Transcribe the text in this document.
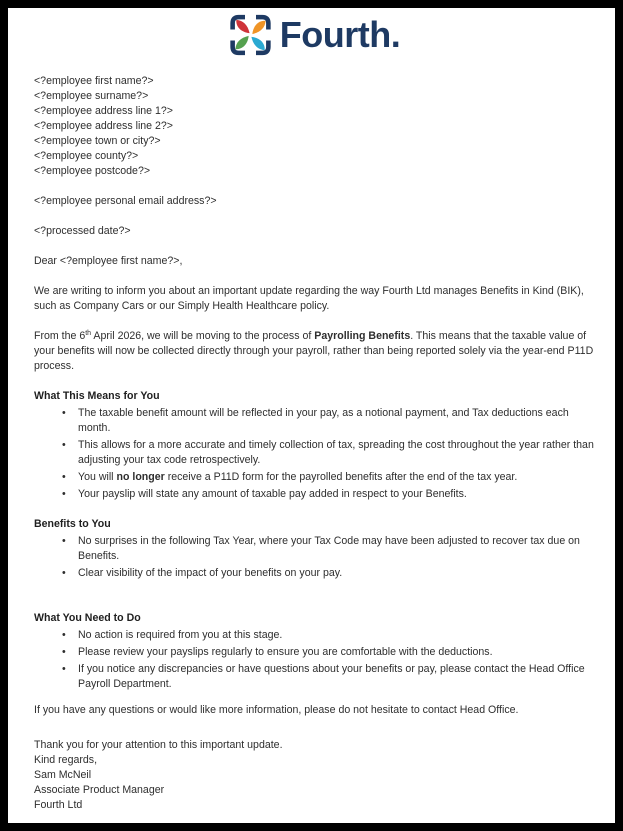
Fourth.
<?employee first name?>
<?employee surname?>
<?employee address line 1?>
<?employee address line 2?>
<?employee town or city?>
<?employee county?>
<?employee postcode?>

<?employee personal email address?>

<?processed date?>

Dear <?employee first name?>,

We are writing to inform you about an important update regarding the way Fourth Ltd manages Benefits in Kind (BIK), such as Company Cars or our Simply Health Healthcare policy.

From the 6th April 2026, we will be moving to the process of Payrolling Benefits. This means that the taxable value of your benefits will now be collected directly through your payroll, rather than being reported solely via the year-end P11D process.

What This Means for You

• The taxable benefit amount will be reflected in your pay, as a notional payment, and Tax deductions each month.
• This allows for a more accurate and timely collection of tax, spreading the cost throughout the year rather than adjusting your tax code retrospectively.
• You will no longer receive a P11D form for the payrolled benefits after the end of the tax year.
• Your payslip will state any amount of taxable pay added in respect to your Benefits.

Benefits to You

• No surprises in the following Tax Year, where your Tax Code may have been adjusted to recover tax due on Benefits.
• Clear visibility of the impact of your benefits on your pay.

What You Need to Do

• No action is required from you at this stage.
• Please review your payslips regularly to ensure you are comfortable with the deductions.
• If you notice any discrepancies or have questions about your benefits or pay, please contact the Head Office Payroll Department.

If you have any questions or would like more information, please do not hesitate to contact Head Office.

Thank you for your attention to this important update.
Kind regards,
Sam McNeil
Associate Product Manager
Fourth Ltd
